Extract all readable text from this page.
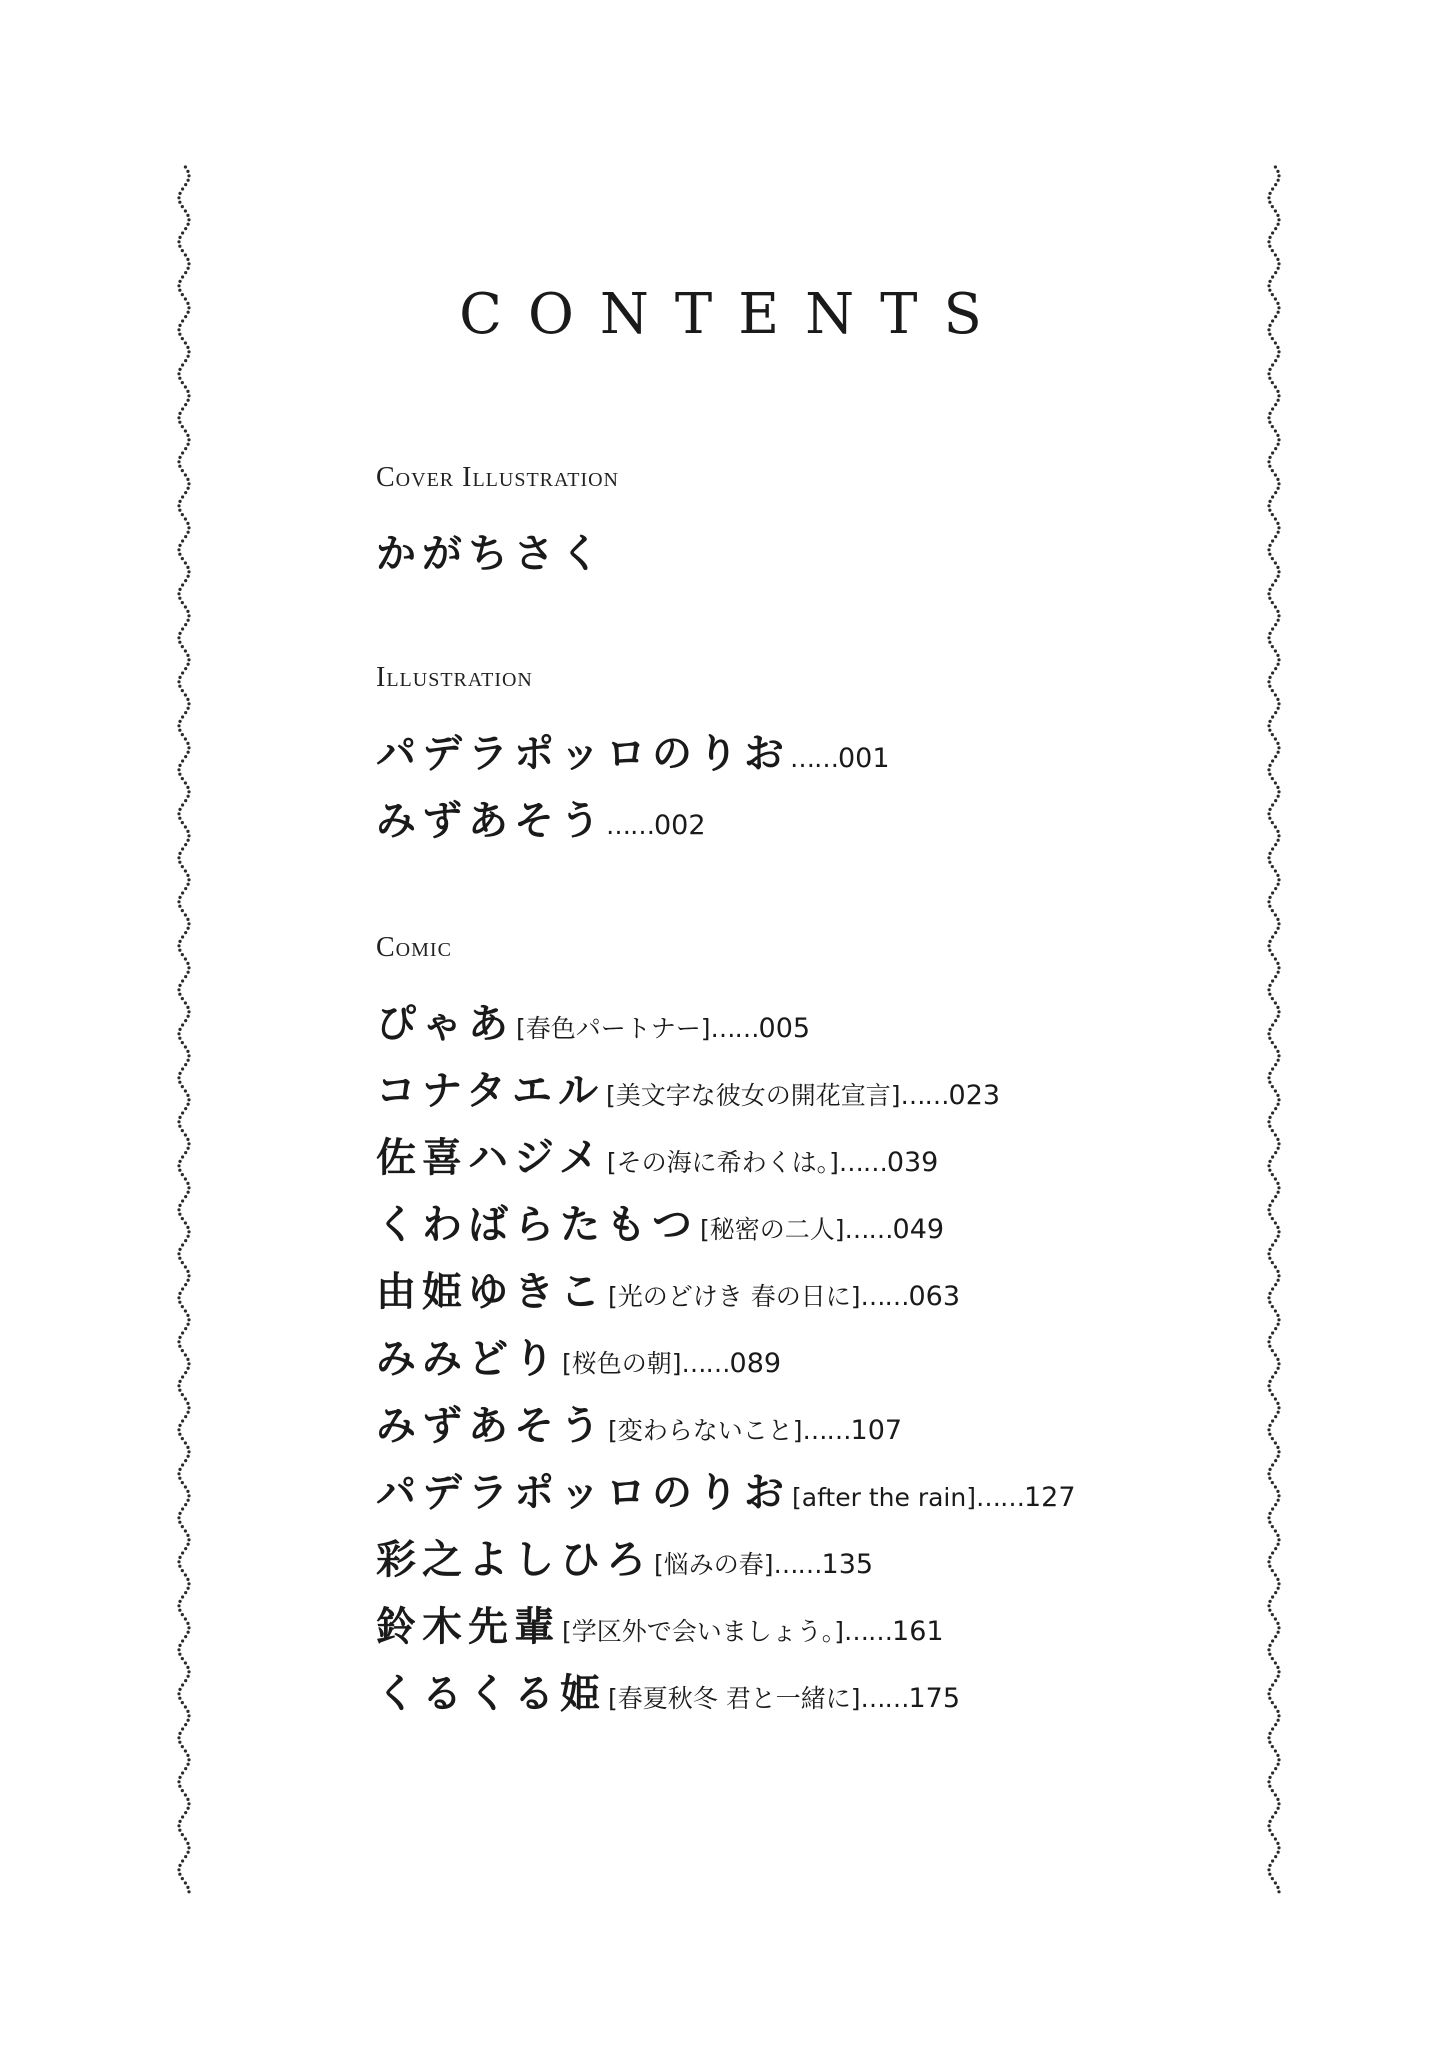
CONTENTS
Cover Illustration
かがちさく
Illustration
パデラポッロのりお …… 001
みずあそう …… 002
Comic
ぴゃあ [春色パートナー] …… 005
コナタエル [美文字な彼女の開花宣言] …… 023
佐喜ハジメ [その海に希わくは。] …… 039
くわばらたもつ [秘密の二人] …… 049
由姫ゆきこ [光のどけき 春の日に] …… 063
みみどり [桜色の朝] …… 089
みずあそう [変わらないこと] …… 107
パデラポッロのりお [after the rain] …… 127
彩之よしひろ [悩みの春] …… 135
鈴木先輩 [学区外で会いましょう。] …… 161
くるくる姫 [春夏秋冬 君と一緒に] …… 175
